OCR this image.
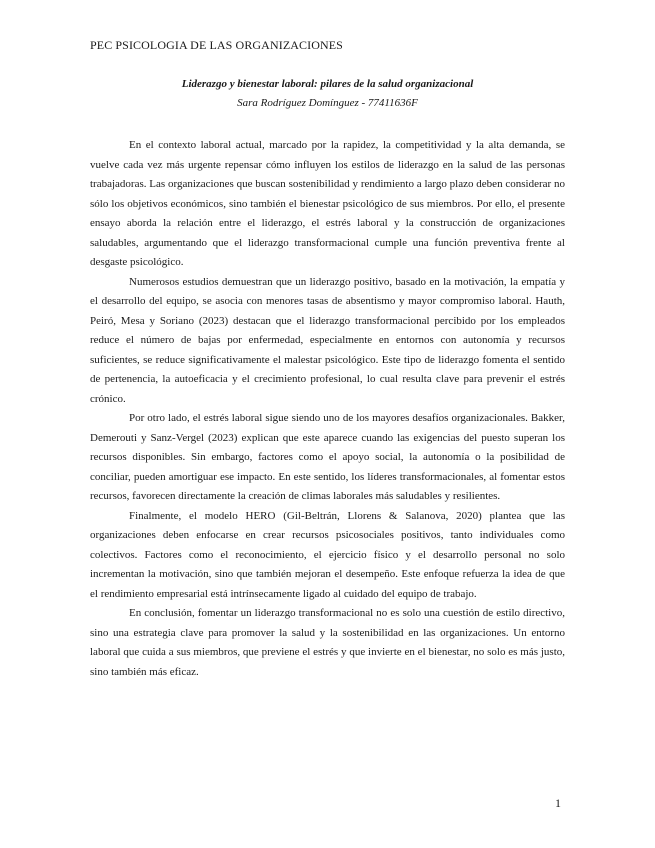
PEC PSICOLOGIA DE LAS ORGANIZACIONES
Liderazgo y bienestar laboral: pilares de la salud organizacional
Sara Rodríguez Domínguez - 77411636F

En el contexto laboral actual, marcado por la rapidez, la competitividad y la alta demanda, se vuelve cada vez más urgente repensar cómo influyen los estilos de liderazgo en la salud de las personas trabajadoras. Las organizaciones que buscan sostenibilidad y rendimiento a largo plazo deben considerar no sólo los objetivos económicos, sino también el bienestar psicológico de sus miembros. Por ello, el presente ensayo aborda la relación entre el liderazgo, el estrés laboral y la construcción de organizaciones saludables, argumentando que el liderazgo transformacional cumple una función preventiva frente al desgaste psicológico.

Numerosos estudios demuestran que un liderazgo positivo, basado en la motivación, la empatía y el desarrollo del equipo, se asocia con menores tasas de absentismo y mayor compromiso laboral. Hauth, Peiró, Mesa y Soriano (2023) destacan que el liderazgo transformacional percibido por los empleados reduce el número de bajas por enfermedad, especialmente en entornos con autonomía y recursos suficientes, se reduce significativamente el malestar psicológico. Este tipo de liderazgo fomenta el sentido de pertenencia, la autoeficacia y el crecimiento profesional, lo cual resulta clave para prevenir el estrés crónico.

Por otro lado, el estrés laboral sigue siendo uno de los mayores desafíos organizacionales. Bakker, Demerouti y Sanz-Vergel (2023) explican que este aparece cuando las exigencias del puesto superan los recursos disponibles. Sin embargo, factores como el apoyo social, la autonomía o la posibilidad de conciliar, pueden amortiguar ese impacto. En este sentido, los líderes transformacionales, al fomentar estos recursos, favorecen directamente la creación de climas laborales más saludables y resilientes.

Finalmente, el modelo HERO (Gil-Beltrán, Llorens & Salanova, 2020) plantea que las organizaciones deben enfocarse en crear recursos psicosociales positivos, tanto individuales como colectivos. Factores como el reconocimiento, el ejercicio físico y el desarrollo personal no solo incrementan la motivación, sino que también mejoran el desempeño. Este enfoque refuerza la idea de que el rendimiento empresarial está intrínsecamente ligado al cuidado del equipo de trabajo.

En conclusión, fomentar un liderazgo transformacional no es solo una cuestión de estilo directivo, sino una estrategia clave para promover la salud y la sostenibilidad en las organizaciones. Un entorno laboral que cuida a sus miembros, que previene el estrés y que invierte en el bienestar, no solo es más justo, sino también más eficaz.

1
